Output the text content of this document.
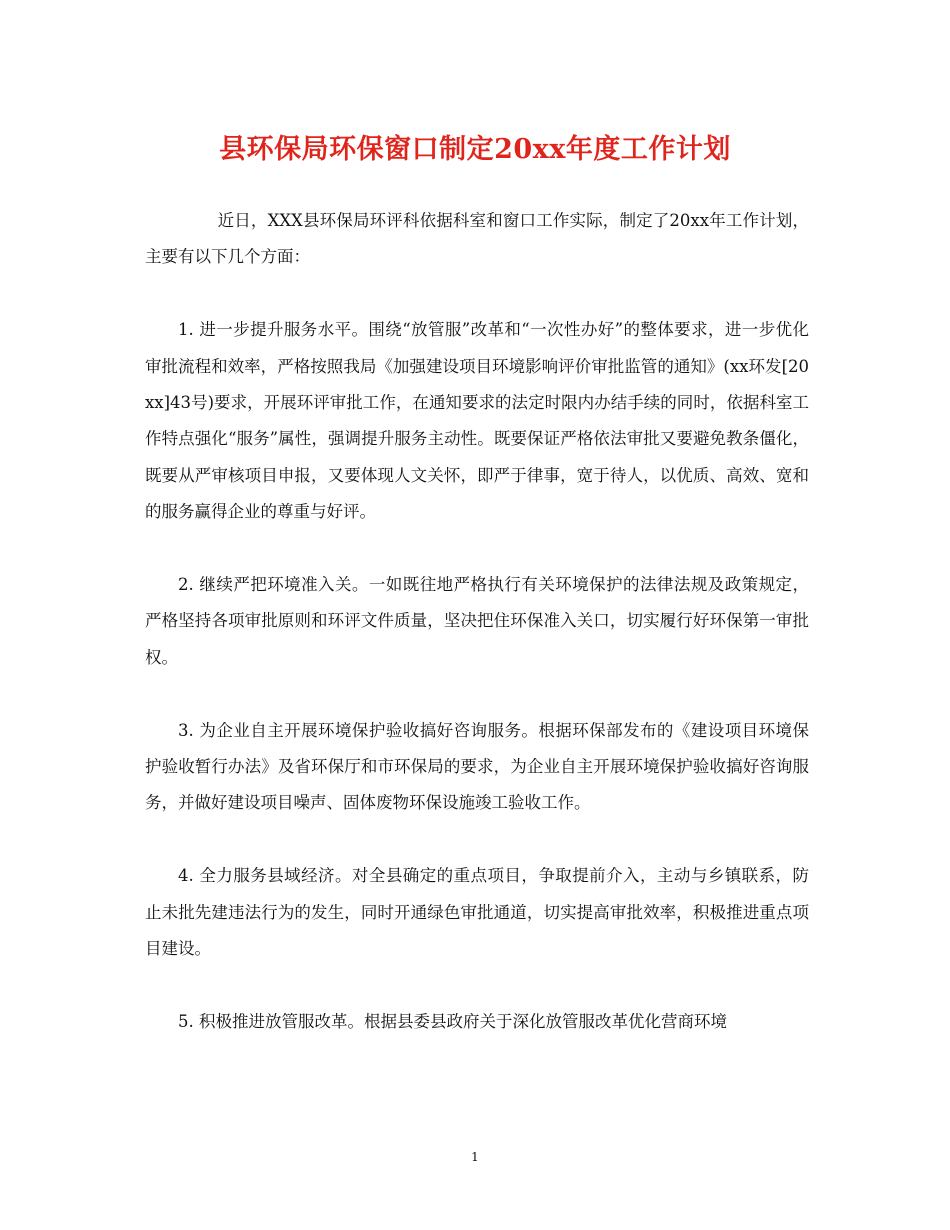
县环保局环保窗口制定20xx年度工作计划

近日，XXX县环保局环评科依据科室和窗口工作实际，制定了20xx年工作计划，主要有以下几个方面：

1. 进一步提升服务水平。围绕“放管服”改革和“一次性办好”的整体要求，进一步优化审批流程和效率，严格按照我局《加强建设项目环境影响评价审批监管的通知》(xx环发[20xx]43号)要求，开展环评审批工作，在通知要求的法定时限内办结手续的同时，依据科室工作特点强化“服务”属性，强调提升服务主动性。既要保证严格依法审批又要避免教条僵化，既要从严审核项目申报，又要体现人文关怀，即严于律事，宽于待人，以优质、高效、宽和的服务赢得企业的尊重与好评。

2. 继续严把环境准入关。一如既往地严格执行有关环境保护的法律法规及政策规定，严格坚持各项审批原则和环评文件质量，坚决把住环保准入关口，切实履行好环保第一审批权。

3. 为企业自主开展环境保护验收搞好咨询服务。根据环保部发布的《建设项目环境保护验收暂行办法》及省环保厅和市环保局的要求，为企业自主开展环境保护验收搞好咨询服务，并做好建设项目噪声、固体废物环保设施竣工验收工作。

4. 全力服务县域经济。对全县确定的重点项目，争取提前介入，主动与乡镇联系，防止未批先建违法行为的发生，同时开通绿色审批通道，切实提高审批效率，积极推进重点项目建设。

5. 积极推进放管服改革。根据县委县政府关于深化放管服改革优化营商环境

1
